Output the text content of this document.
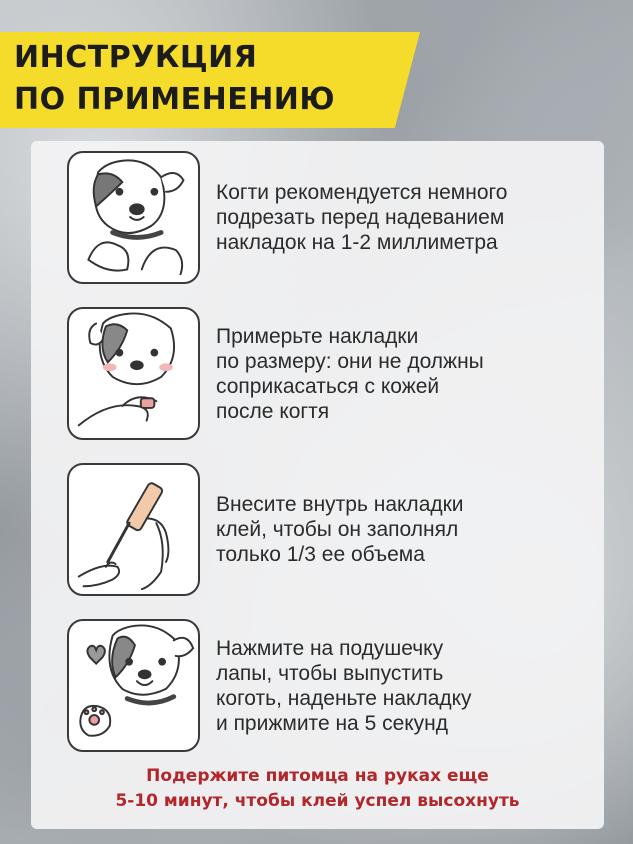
ИНСТРУКЦИЯ
ПО ПРИМЕНЕНИЮ
Когти рекомендуется немного
подрезать перед надеванием
накладок на 1-2 миллиметра
Примерьте накладки
по размеру: они не должны
соприкасаться с кожей
после когтя
Внесите внутрь накладки
клей, чтобы он заполнял
только 1/3 ее объема
Нажмите на подушечку
лапы, чтобы выпустить
коготь, наденьте накладку
и прижмите на 5 секунд
Подержите питомца на руках еще
5-10 минут, чтобы клей успел высохнуть
